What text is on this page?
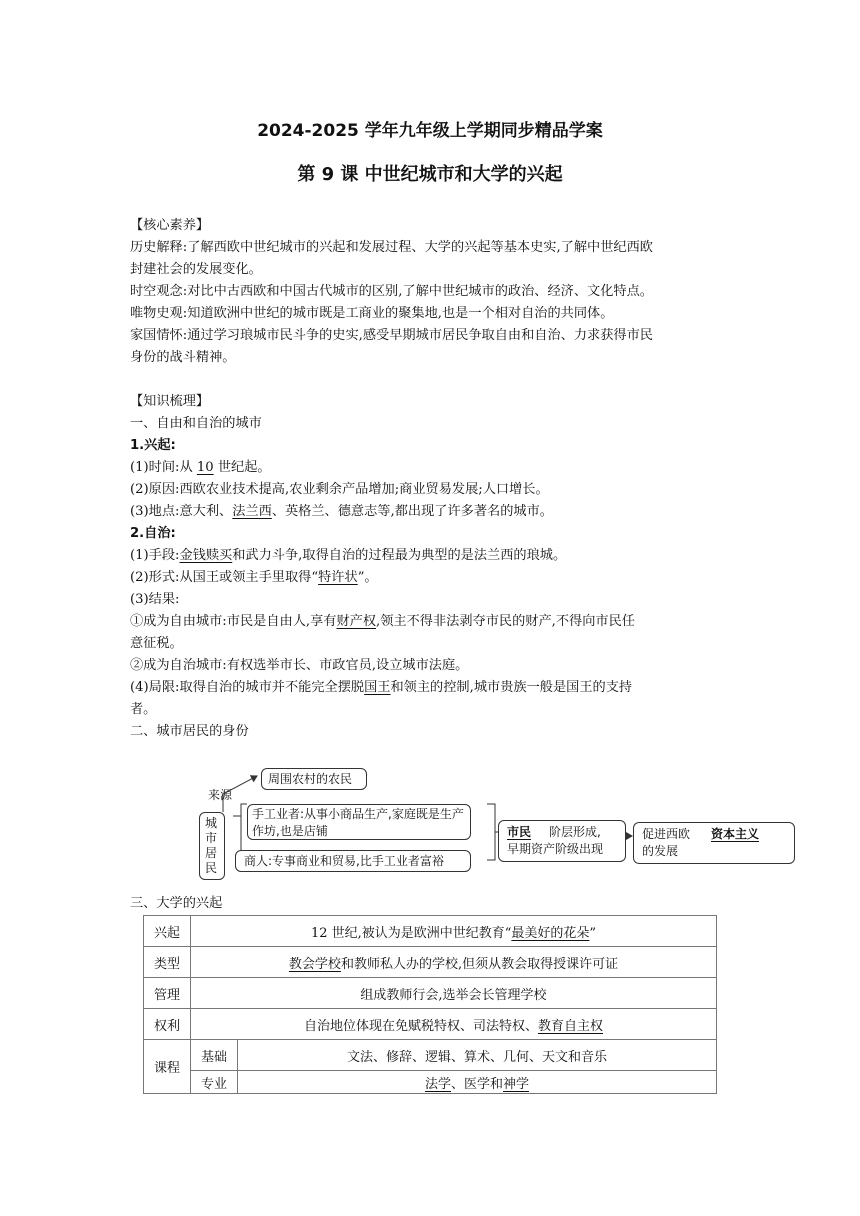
2024-2025 学年九年级上学期同步精品学案
第 9 课 中世纪城市和大学的兴起

【核心素养】

历史解释:了解西欧中世纪城市的兴起和发展过程、大学的兴起等基本史实,了解中世纪西欧

封建社会的发展变化。

时空观念:对比中古西欧和中国古代城市的区别,了解中世纪城市的政治、经济、文化特点。

唯物史观:知道欧洲中世纪的城市既是工商业的聚集地,也是一个相对自治的共同体。

家国情怀:通过学习琅城市民斗争的史实,感受早期城市居民争取自由和自治、力求获得市民

身份的战斗精神。

【知识梳理】

一、自由和自治的城市

1.兴起:

(1)时间:从 10 世纪起。

(2)原因:西欧农业技术提高,农业剩余产品增加;商业贸易发展;人口增长。

(3)地点:意大利、法兰西、英格兰、德意志等,都出现了许多著名的城市。

2.自治:

(1)手段:金钱赎买和武力斗争,取得自治的过程最为典型的是法兰西的琅城。

(2)形式:从国王或领主手里取得“特许状”。

(3)结果:

①成为自由城市:市民是自由人,享有财产权,领主不得非法剥夺市民的财产,不得向市民任

意征税。

②成为自治城市:有权选举市长、市政官员,设立城市法庭。

(4)局限:取得自治的城市并不能完全摆脱国王和领主的控制,城市贵族一般是国王的支持

者。

二、城市居民的身份

来源
周围农村的农民
城市居民
手工业者:从事小商品生产,家庭既是生产作坊,也是店铺
商人:专事商业和贸易,比手工业者富裕
市民 阶层形成,
早期资产阶级出现
促进西欧 资本主义
的发展

三、大学的兴起

兴起	12 世纪,被认为是欧洲中世纪教育“最美好的花朵”	
类型	教会学校和教师私人办的学校,但须从教会取得授课许可证	
管理	组成教师行会,选举会长管理学校	
权利	自治地位体现在免赋税特权、司法特权、教育自主权	
课程	基础	文法、修辞、逻辑、算术、几何、天文和音乐
	专业	法学、医学和神学
